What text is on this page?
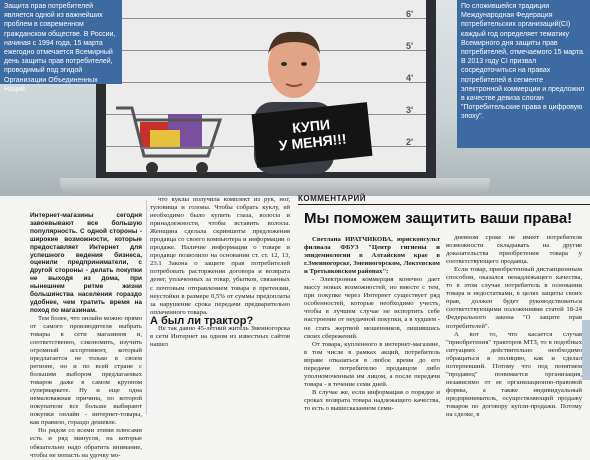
6'
5'
4'
3'
2'
КУПИ
У МЕНЯ!!!
Защита прав потребителей является одной из важнейших проблем в современном гражданском обществе. В России, начиная с 1994 года, 15 марта ежегодно отмечается Всемирный день защиты прав потребителей, проводимый под эгидой Организации Объединенных Наций.
По сложившейся традиции Международная Федерация потребительских организаций(СI) каждый год определяет тематику Всемирного дня защиты прав потребителей, отмечаемого 15 марта. В 2013 году СI призвал сосредоточиться на правах потребителей в сегменте электронной коммерции и предложил в качестве девиза слоган "Потребительские права в цифровую эпоху".

Интернет-магазины сегодня завоевывают все большую популярность. С одной стороны - широкие возможности, которые предоставляет Интернет для успешного ведения бизнеса, оценили предприниматели, с другой стороны - делать покупки не выходя из дома, при нынешнем ритме жизни большинства населения гораздо удобнее, чем тратить время на поход по магазинам.

Тем более, что онлайн можно прямо от самого производителя выбрать товары в сети магазинов и, соответственно, сэкономить, изучить огромный ассортимент, который предлагается не только в своем регионе, но и по всей стране с большим выбором предлагаемых товаров даже в самом крупном супермаркете. Ну и еще одна немаловажная причина, по которой покупатели все больше выбирают покупки онлайн - интернет-товары, как правило, гораздо дешевле.

Но рядом со всеми этими плюсами есть и ряд минусов, на которые обязательно надо обратить внимание, чтобы не попасть на удочку мо-

что куклы получила комплект из рук, ног, туловища и головы. Чтобы собрать куклу, ей необходимо было купить глаза, волосы и принадлежности, чтобы вставить волосы. Женщина сделала скриншоты предложения продавца со своего компьютера и информации о продаже. Наличие информации о товаре и продавце позволило на основании ст. ст. 12, 13, 23.1 Закона о защите прав потребителей потребовать расторжения договора и возврата денег, уплаченных за товар, убытков, связанных с почтовым отправлением товара в претензии, неустойки в размере 0,5% от суммы предоплаты за нарушение срока передачи предварительно оплаченного товара.

А был ли трактор?

Не так давно 45-летний житель Змеиногорска в сети Интернет на одном из известных сайтов нашел

КОММЕНТАРИЙ
Мы поможем защитить ваши права!

Светлана ИРАТЧИКОВА, юрисконсульт филиала ФБУЗ "Центр гигиены и эпидемиологии в Алтайском крае в г.Змеиногорске, Змеиногорском, Локтевском и Третьяковском районах":

- Электронная коммерция конечно дает массу новых возможностей, но вместе с тем, при покупке через Интернет существует ряд особенностей, которые необходимо учесть, чтобы в лучшем случае не испортить себе настроение от неудачной покупки, а в худшем - не стать жертвой мошенников, лишившись своих сбережений.

От товара, купленного в интернет-магазине, в том числе в рамках акций, потребитель вправе отказаться в любое время до его передачи потребителю продавцом либо уполномоченным им лицом, а после передачи товара - в течение семи дней.

В случае же, если информация о порядке и сроках возврата товара надлежащего качества, то есть о вышесказанном семи-

дневном сроке не имеет потребителя возможности складывать на другие доказательства приобретения товара у соответствующего продавца.

Если товар, приобретенный дистанционным способом, оказался ненадлежащего качества, то в этом случае потребитель в основании товара и недостатками, в целях защиты своих прав, должен будет руководствоваться соответствующими положениями статей 18-24 Федерального закона "О защите прав потребителей".

А вот то, что касается случая "приобретения" тракторов МТЗ, то в подобных ситуациях действительно необходимо обращаться в полицию, как и сделал потерпевший. Потому что под понятием "продавец" понимается организация, независимо от ее организационно-правовой формы, а также индивидуальный предприниматель, осуществляющий продажу товаров по договору купли-продажи. Потому на сделке, в
